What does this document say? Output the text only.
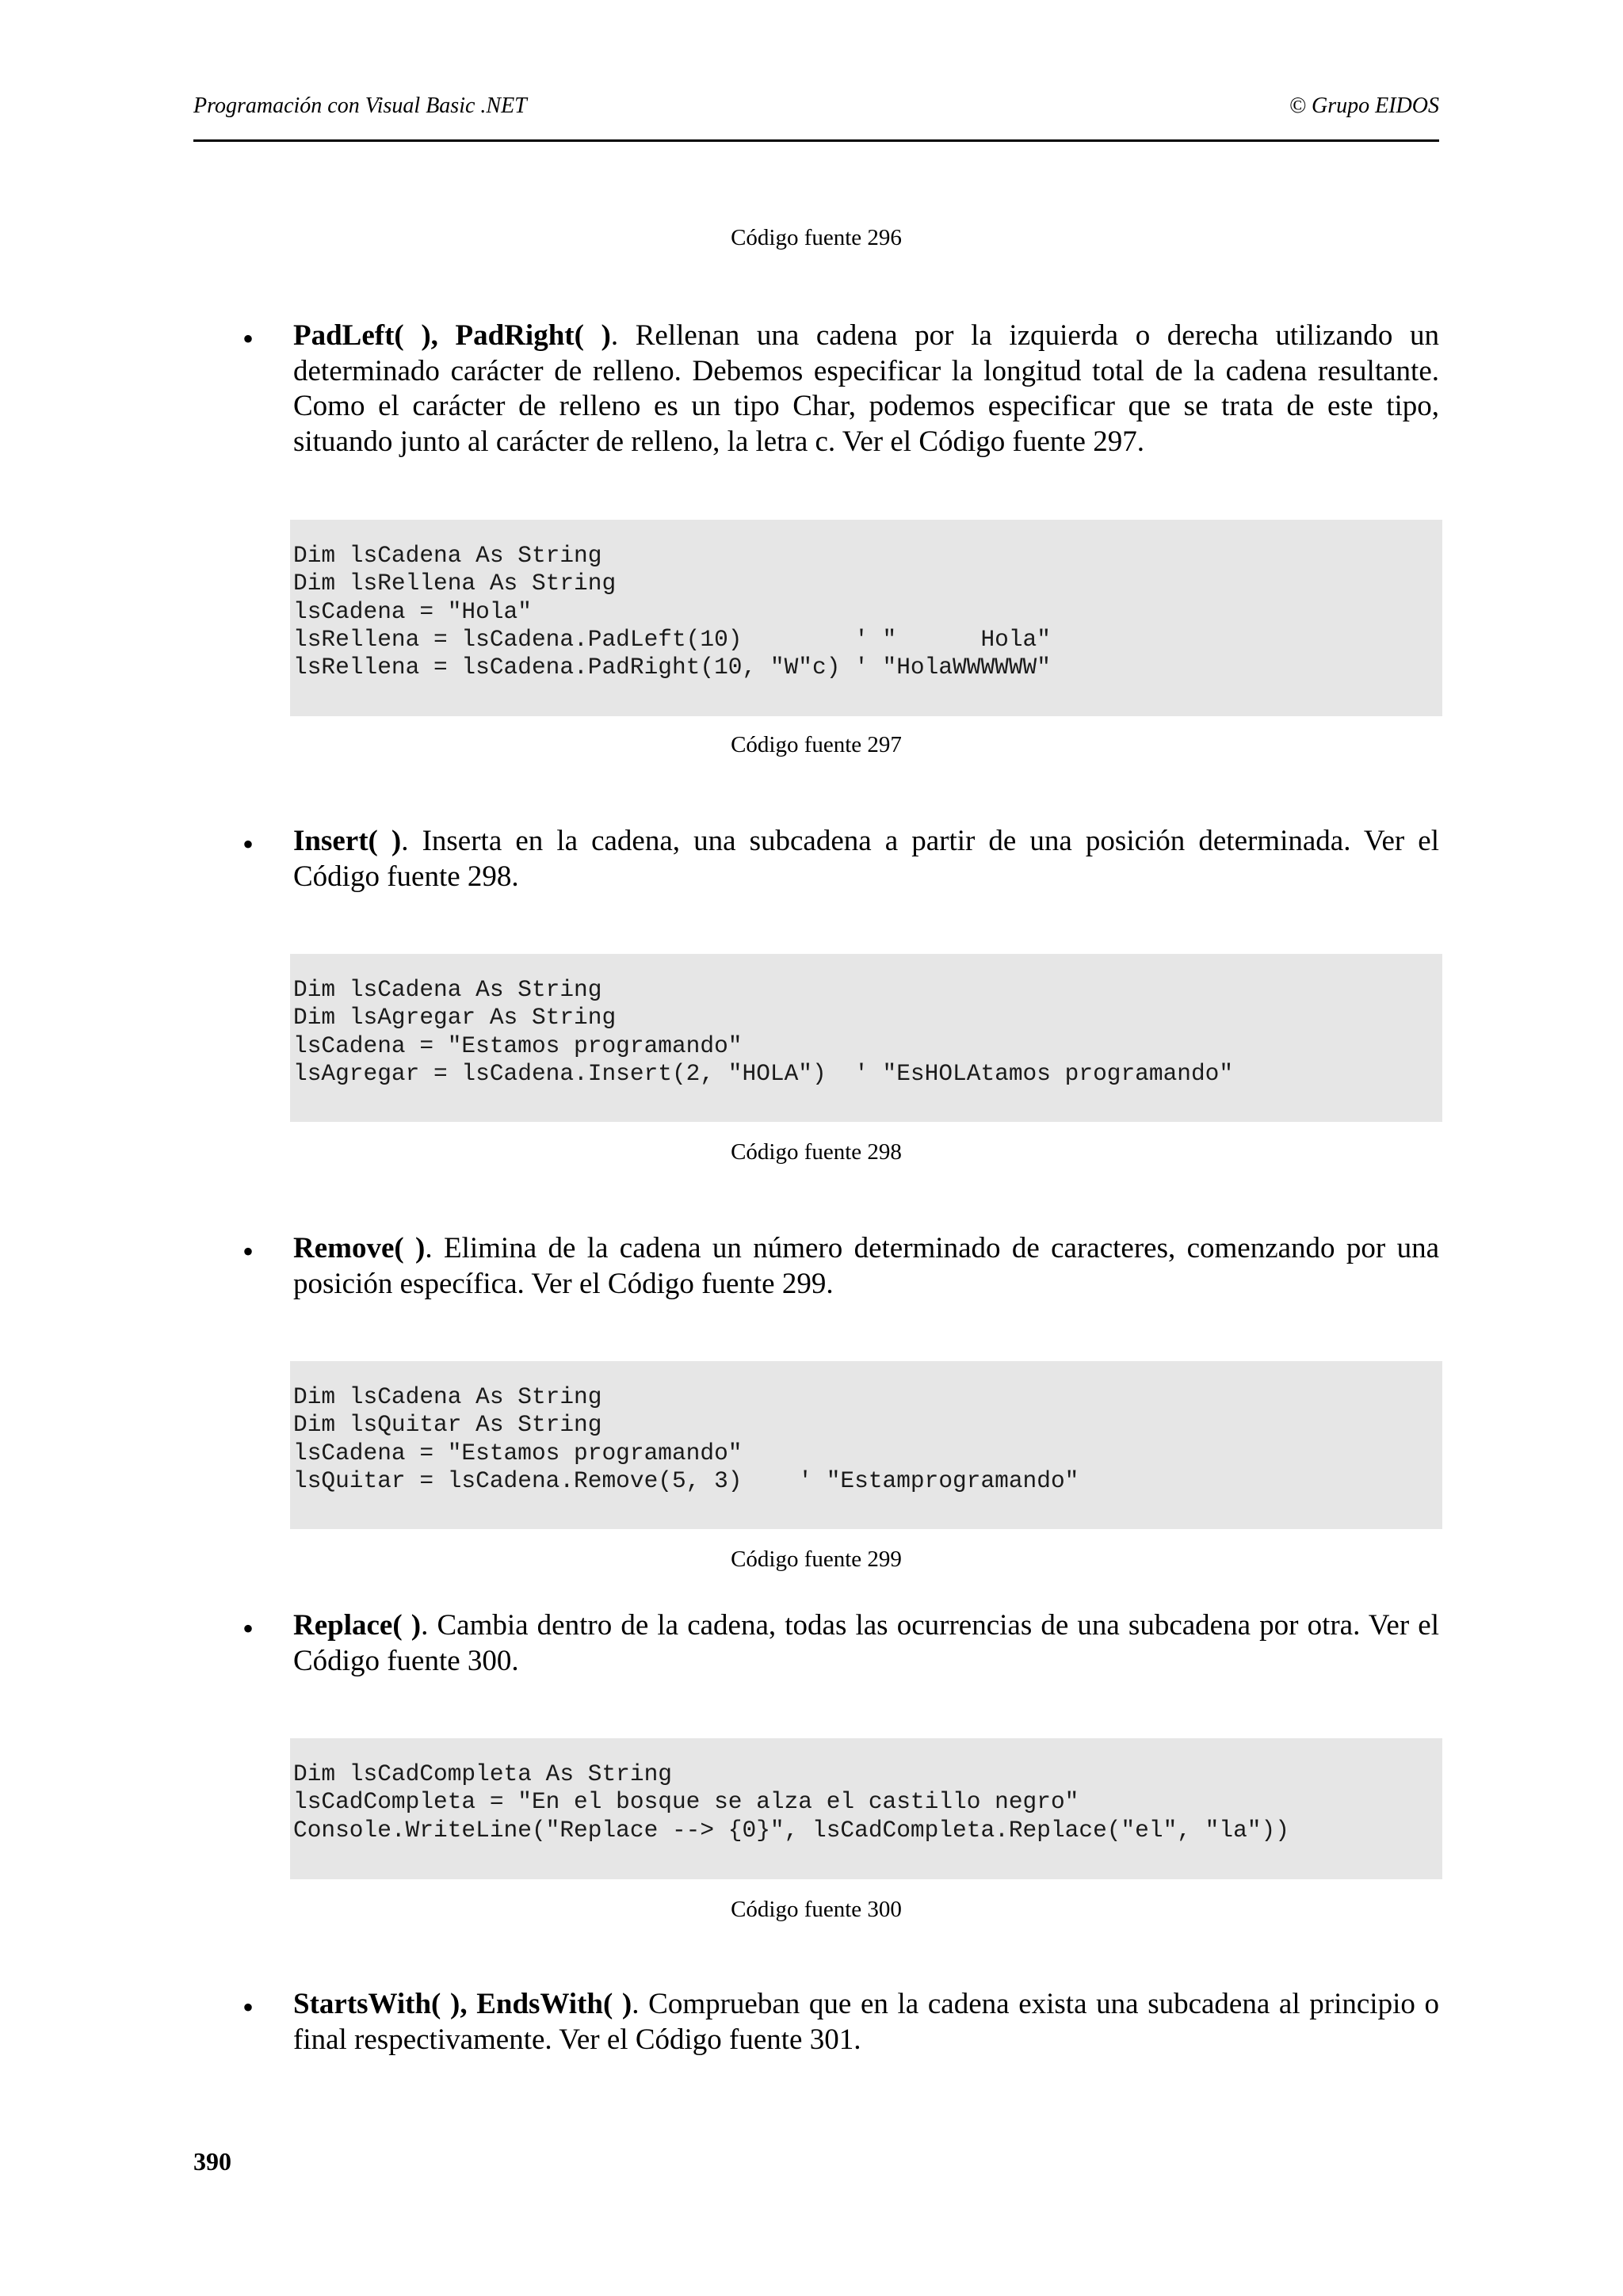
Programación con Visual Basic .NET	© Grupo EIDOS
Código fuente 296
• PadLeft( ), PadRight( ). Rellenan una cadena por la izquierda o derecha utilizando un determinado carácter de relleno. Debemos especificar la longitud total de la cadena resultante. Como el carácter de relleno es un tipo Char, podemos especificar que se trata de este tipo, situando junto al carácter de relleno, la letra c. Ver el Código fuente 297.
Dim lsCadena As String
Dim lsRellena As String
lsCadena = "Hola"
lsRellena = lsCadena.PadLeft(10)        ' "      Hola"
lsRellena = lsCadena.PadRight(10, "W"c) ' "HolaWWWWWW"
Código fuente 297
• Insert( ). Inserta en la cadena, una subcadena a partir de una posición determinada. Ver el Código fuente 298.
Dim lsCadena As String
Dim lsAgregar As String
lsCadena = "Estamos programando"
lsAgregar = lsCadena.Insert(2, "HOLA")  ' "EsHOLAtamos programando"
Código fuente 298
• Remove( ). Elimina de la cadena un número determinado de caracteres, comenzando por una posición específica. Ver el Código fuente 299.
Dim lsCadena As String
Dim lsQuitar As String
lsCadena = "Estamos programando"
lsQuitar = lsCadena.Remove(5, 3)    ' "Estamprogramando"
Código fuente 299
• Replace( ). Cambia dentro de la cadena, todas las ocurrencias de una subcadena por otra. Ver el Código fuente 300.
Dim lsCadCompleta As String
lsCadCompleta = "En el bosque se alza el castillo negro"
Console.WriteLine("Replace --> {0}", lsCadCompleta.Replace("el", "la"))
Código fuente 300
• StartsWith( ), EndsWith( ). Comprueban que en la cadena exista una subcadena al principio o final respectivamente. Ver el Código fuente 301.
390
